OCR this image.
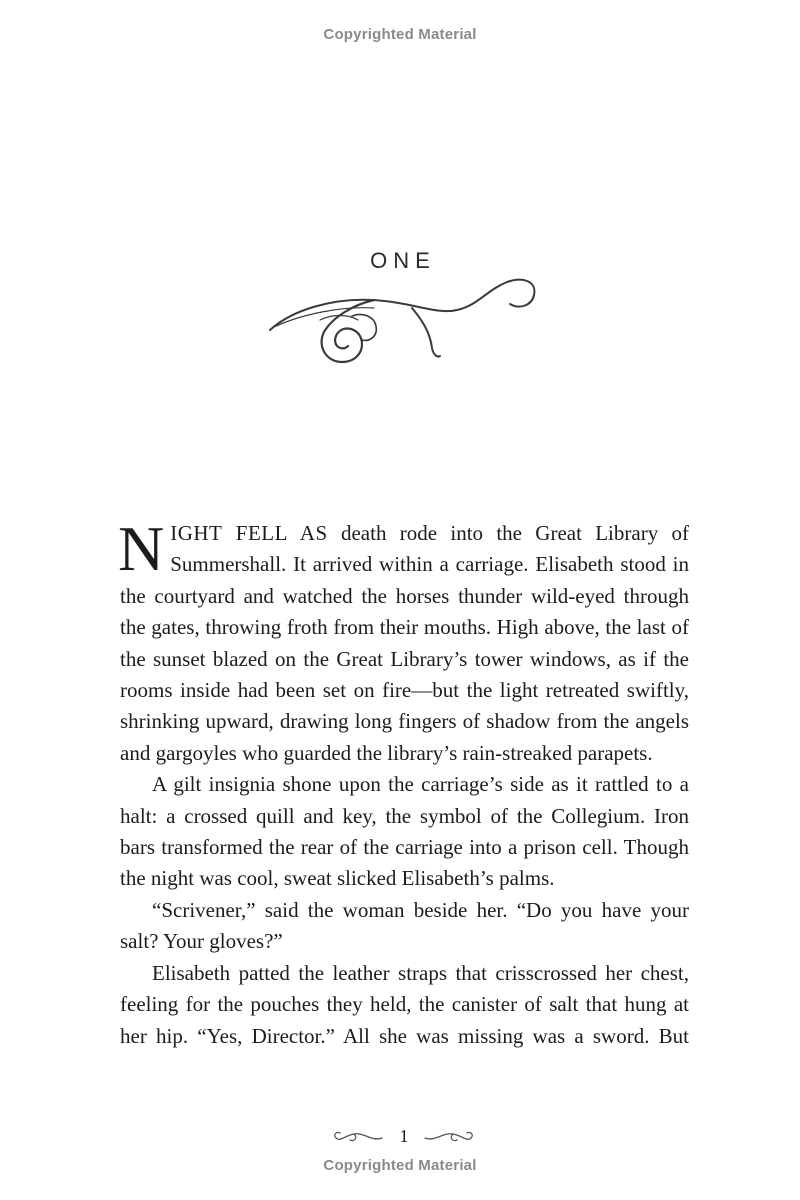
Copyrighted Material
ONE

NIGHT FELL AS death rode into the Great Library of Summershall. It arrived within a carriage. Elisabeth stood in the courtyard and watched the horses thunder wild-eyed through the gates, throwing froth from their mouths. High above, the last of the sunset blazed on the Great Library’s tower windows, as if the rooms inside had been set on fire—but the light retreated swiftly, shrinking upward, drawing long fingers of shadow from the angels and gargoyles who guarded the library’s rain-streaked parapets.

A gilt insignia shone upon the carriage’s side as it rattled to a halt: a crossed quill and key, the symbol of the Collegium. Iron bars transformed the rear of the carriage into a prison cell. Though the night was cool, sweat slicked Elisabeth’s palms.

“Scrivener,” said the woman beside her. “Do you have your salt? Your gloves?”

Elisabeth patted the leather straps that crisscrossed her chest, feeling for the pouches they held, the canister of salt that hung at her hip. “Yes, Director.” All she was missing was a sword. But

1
Copyrighted Material
